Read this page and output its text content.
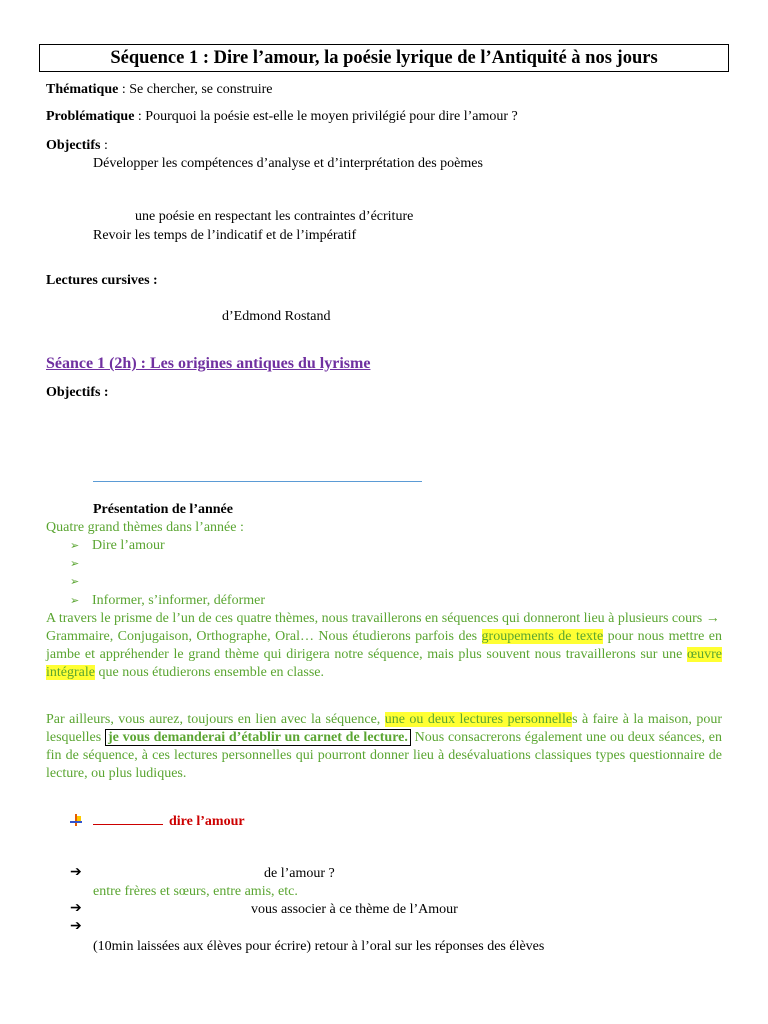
Séquence 1 : Dire l’amour, la poésie lyrique de l’Antiquité à nos jours
Thématique : Se chercher, se construire
Problématique : Pourquoi la poésie est-elle le moyen privilégié pour dire l’amour ?
Objectifs :
Développer les compétences d’analyse et d’interprétation des poèmes
une poésie en respectant les contraintes d’écriture
Revoir les temps de l’indicatif et de l’impératif
Lectures cursives :
d’Edmond Rostand
Séance 1 (2h) : Les origines antiques du lyrisme
Objectifs :
Présentation de l’année
Quatre grand thèmes dans l’année :
➢ Dire l’amour
➢
➢
➢ Informer, s’informer, déformer
A travers le prisme de l’un de ces quatre thèmes, nous travaillerons en séquences qui donneront lieu à plusieurs cours →
Grammaire, Conjugaison, Orthographe, Oral… Nous étudierons parfois des groupements de texte pour nous mettre en jambe et appréhender le grand thème qui dirigera notre séquence, mais plus souvent nous travaillerons sur une œuvre intégrale que nous étudierons ensemble en classe.
Par ailleurs, vous aurez, toujours en lien avec la séquence, une ou deux lectures personnelles à faire à la maison, pour lesquelles je vous demanderai d’établir un carnet de lecture. Nous consacrerons également une ou deux séances, en fin de séquence, à ces lectures personnelles qui pourront donner lieu à desévaluations classiques types questionnaire de lecture, ou plus ludiques.
dire l’amour
➔	de l’amour ?
entre frères et sœurs, entre amis, etc.
➔	vous associer à ce thème de l’Amour
➔
(10min laissées aux élèves pour écrire) retour à l’oral sur les réponses des élèves
